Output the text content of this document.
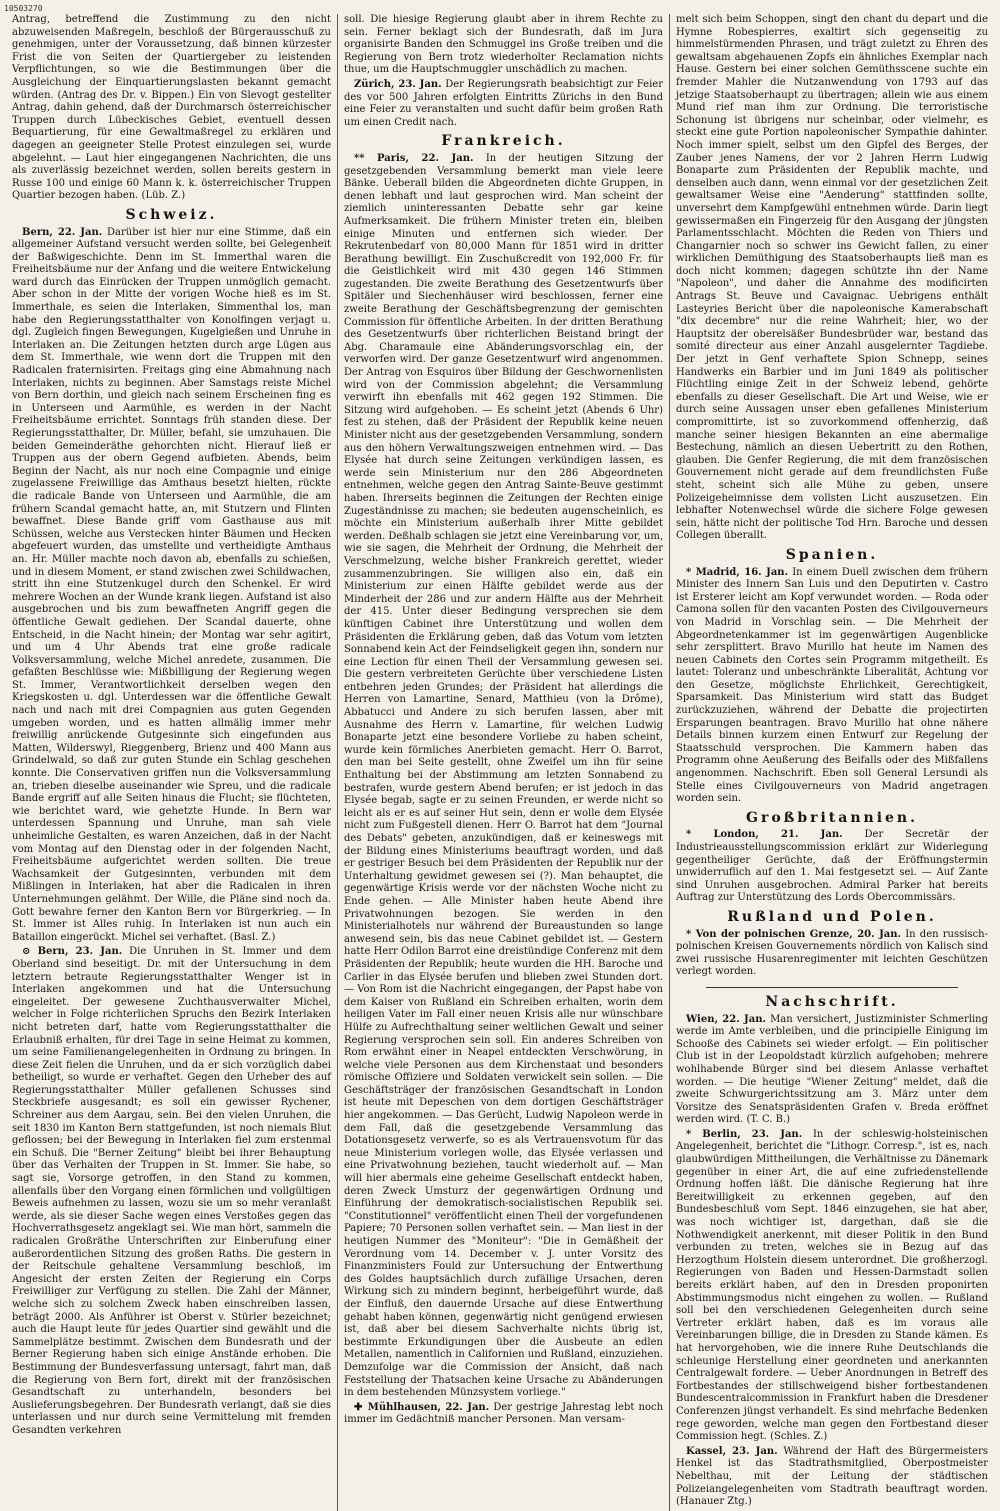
10503270

Antrag, betreffend die Zustimmung zu den nicht abzuweisenden Maßregeln, beschloß der Bürgerausschuß zu genehmigen, unter der Voraussetzung, daß binnen kürzester Frist die von Seiten der Quartiergeber zu leistenden Verpflichtungen, so wie die Bestimmungen über die Ausgleichung der Einquartierungslasten bekannt gemacht würden. (Antrag des Dr. v. Bippen.) Ein von Slevogt gestellter Antrag, dahin gehend, daß der Durchmarsch österreichischer Truppen durch Lübeckisches Gebiet, eventuell dessen Bequartierung, für eine Gewaltmaßregel zu erklären und dagegen an geeigneter Stelle Protest einzulegen sei, wurde abgelehnt. — Laut hier eingegangenen Nachrichten, die uns als zuverlässig bezeichnet werden, sollen bereits gestern in Russe 100 und einige 60 Mann k. k. österreichischer Truppen Quartier bezogen haben. (Lüb. Z.)

Schweiz.

Bern, 22. Jan. Darüber ist hier nur eine Stimme, daß ein allgemeiner Aufstand versucht werden sollte, bei Gelegenheit der Baßwigeschichte. Denn im St. Immerthal waren die Freiheitsbäume nur der Anfang und die weitere Entwickelung ward durch das Einrücken der Truppen unmöglich gemacht. Aber schon in der Mitte der vorigen Woche hieß es im St. Immerthale, es seien die Interlaken, Simmenthal los, man habe den Regierungsstatthalter von Konolfingen verjagt u. dgl. Zugleich fingen Bewegungen, Kugelgießen und Unruhe in Interlaken an. Die Zeitungen hetzten durch arge Lügen aus dem St. Immerthale, wie wenn dort die Truppen mit den Radicalen fraternisirten. Freitags ging eine Abmahnung nach Interlaken, nichts zu beginnen. Aber Samstags reiste Michel von Bern dorthin, und gleich nach seinem Erscheinen fing es in Unterseen und Aarmühle, es werden in der Nacht Freiheitsbäume errichtet. Sonntags früh standen diese. Der Regierungsstatthalter, Dr. Müller, befahl, sie umzuhauen. Die beiden Gemeinderäthe gehorchten nicht. Hierauf ließ er Truppen aus der obern Gegend aufbieten. Abends, beim Beginn der Nacht, als nur noch eine Compagnie und einige zugelassene Freiwillige das Amthaus besetzt hielten, rückte die radicale Bande von Unterseen und Aarmühle, die am frühern Scandal gemacht hatte, an, mit Stutzern und Flinten bewaffnet. Diese Bande griff vom Gasthause aus mit Schüssen, welche aus Verstecken hinter Bäumen und Hecken abgefeuert wurden, das umstellte und vertheidigte Amthaus an. Hr. Müller machte noch davon ab, ebenfalls zu schießen, und in diesem Moment, er stand zwischen zwei Schildwachen, stritt ihn eine Stutzenkugel durch den Schenkel. Er wird mehrere Wochen an der Wunde krank liegen. Aufstand ist also ausgebrochen und bis zum bewaffneten Angriff gegen die öffentliche Gewalt gediehen. Der Scandal dauerte, ohne Entscheid, in die Nacht hinein; der Montag war sehr agitirt, und um 4 Uhr Abends trat eine große radicale Volksversammlung, welche Michel anredete, zusammen. Die gefaßten Beschlüsse wie: Mißbilligung der Regierung wegen St. Immer, Verantwortlichkeit derselben wegen den Kriegskosten u. dgl. Unterdessen war die öffentliche Gewalt nach und nach mit drei Compagnien aus guten Gegenden umgeben worden, und es hatten allmälig immer mehr freiwillig anrückende Gutgesinnte sich eingefunden aus Matten, Wilderswyl, Rieggenberg, Brienz und 400 Mann aus Grindelwald, so daß zur guten Stunde ein Schlag geschehen konnte. Die Conservativen griffen nun die Volksversammlung an, trieben dieselbe auseinander wie Spreu, und die radicale Bande ergriff auf alle Seiten hinaus die Flucht; sie flüchteten, wie berichtet ward, wie gehetzte Hunde. In Bern war unterdessen Spannung und Unruhe, man sah viele unheimliche Gestalten, es waren Anzeichen, daß in der Nacht vom Montag auf den Dienstag oder in der folgenden Nacht, Freiheitsbäume aufgerichtet werden sollten. Die treue Wachsamkeit der Gutgesinnten, verbunden mit dem Mißlingen in Interlaken, hat aber die Radicalen in ihren Unternehmungen gelähmt. Der Wille, die Pläne sind noch da. Gott bewahre ferner den Kanton Bern vor Bürgerkrieg. — In St. Immer ist Alles ruhig. In Interlaken ist nun auch ein Bataillon eingerückt. Michel sei verhaftet. (Basl. Z.)

⊙ Bern, 23. Jan. Die Unruhen in St. Immer und dem Oberland sind beseitigt. Dr. mit der Untersuchung in dem letztern betraute Regierungsstatthalter Wenger ist in Interlaken angekommen und hat die Untersuchung eingeleitet. Der gewesene Zuchthausverwalter Michel, welcher in Folge richterlichen Spruchs den Bezirk Interlaken nicht betreten darf, hatte vom Regierungsstatthalter die Erlaubniß erhalten, für drei Tage in seine Heimat zu kommen, um seine Familienangelegenheiten in Ordnung zu bringen. In diese Zeit fielen die Unruhen, und da er sich vorzüglich dabei betheiligt, so wurde er verhaftet. Gegen den Urheber des auf Regierungsstatthalter Müller gefallenen Schusses sind Steckbriefe ausgesandt; es soll ein gewisser Rychener, Schreiner aus dem Aargau, sein. Bei den vielen Unruhen, die seit 1830 im Kanton Bern stattgefunden, ist noch niemals Blut geflossen; bei der Bewegung in Interlaken fiel zum erstenmal ein Schuß. Die "Berner Zeitung" bleibt bei ihrer Behauptung über das Verhalten der Truppen in St. Immer. Sie habe, so sagt sie, Vorsorge getroffen, in den Stand zu kommen, allenfalls über den Vorgang einen förmlichen und vollgültigen Beweis aufnehmen zu lassen, wozu sie um so mehr veranlaßt werde, als sie dieser Sache wegen eines Verstoßes gegen das Hochverrathsgesetz angeklagt sei. Wie man hört, sammeln die radicalen Großräthe Unterschriften zur Einberufung einer außerordentlichen Sitzung des großen Raths. Die gestern in der Reitschule gehaltene Versammlung beschloß, im Angesicht der ersten Zeiten der Regierung ein Corps Freiwilliger zur Verfügung zu stellen. Die Zahl der Männer, welche sich zu solchem Zweck haben einschreiben lassen, beträgt 2000. Als Anführer ist Oberst v. Stürler bezeichnet; auch die Haupt leute für jedes Quartier sind gewählt und die Sammelplätze bestimmt. Zwischen dem Bundesrath und der Berner Regierung haben sich einige Anstände erhoben. Die Bestimmung der Bundesverfassung untersagt, fahrt man, daß die Regierung von Bern fort, direkt mit der französischen Gesandtschaft zu unterhandeln, besonders bei Auslieferungsbegehren. Der Bundesrath verlangt, daß sie dies unterlassen und nur durch seine Vermittelung mit fremden Gesandten verkehren

soll. Die hiesige Regierung glaubt aber in ihrem Rechte zu sein. Ferner beklagt sich der Bundesrath, daß im Jura organisirte Banden den Schmuggel ins Große treiben und die Regierung von Bern trotz wiederholter Reclamation nichts thue, um die Hauptschmuggler unschädlich zu machen.

Zürich, 23. Jan. Der Regierungsrath beabsichtigt zur Feier des vor 500 Jahren erfolgten Eintritts Zürichs in den Bund eine Feier zu veranstalten und sucht dafür beim großen Rath um einen Credit nach.

Frankreich.

** Paris, 22. Jan. In der heutigen Sitzung der gesetzgebenden Versammlung bemerkt man viele leere Bänke. Ueberall bilden die Abgeordneten dichte Gruppen, in denen lebhaft und laut gesprochen wird. Man scheint der ziemlich uninteressanten Debatte sehr gar keine Aufmerksamkeit. Die frühern Minister treten ein, bleiben einige Minuten und entfernen sich wieder. Der Rekrutenbedarf von 80,000 Mann für 1851 wird in dritter Berathung bewilligt. Ein Zuschußcredit von 192,000 Fr. für die Geistlichkeit wird mit 430 gegen 146 Stimmen zugestanden. Die zweite Berathung des Gesetzentwurfs über Spitäler und Siechenhäuser wird beschlossen, ferner eine zweite Berathung der Geschäftsbegrenzung der gemischten Commission für öffentliche Arbeiten. In der dritten Berathung des Gesetzentwurfs über richterlichen Beistand bringt der Abg. Charamaule eine Abänderungsvorschlag ein, der verworfen wird. Der ganze Gesetzentwurf wird angenommen. Der Antrag von Esquiros über Bildung der Geschwornenlisten wird von der Commission abgelehnt; die Versammlung verwirft ihn ebenfalls mit 462 gegen 192 Stimmen. Die Sitzung wird aufgehoben. — Es scheint jetzt (Abends 6 Uhr) fest zu stehen, daß der Präsident der Republik keine neuen Minister nicht aus der gesetzgebenden Versammlung, sondern aus den höhern Verwaltungszweigen entnehmen wird. — Das Elysée hat durch seine Zeitungen verkündigen lassen, es werde sein Ministerium nur den 286 Abgeordneten entnehmen, welche gegen den Antrag Sainte-Beuve gestimmt haben. Ihrerseits beginnen die Zeitungen der Rechten einige Zugeständnisse zu machen; sie bedeuten augenscheinlich, es möchte ein Ministerium außerhalb ihrer Mitte gebildet werden. Deßhalb schlagen sie jetzt eine Vereinbarung vor, um, wie sie sagen, die Mehrheit der Ordnung, die Mehrheit der Verschmelzung, welche bisher Frankreich gerettet, wieder zusammenzubringen. Sie willigen also ein, daß ein Ministerium zur einen Hälfte gebildet werde aus der Minderheit der 286 und zur andern Hälfte aus der Mehrheit der 415. Unter dieser Bedingung versprechen sie dem künftigen Cabinet ihre Unterstützung und wollen dem Präsidenten die Erklärung geben, daß das Votum vom letzten Sonnabend kein Act der Feindseligkeit gegen ihn, sondern nur eine Lection für einen Theil der Versammlung gewesen sei. Die gestern verbreiteten Gerüchte über verschiedene Listen entbehren jeden Grundes; der Präsident hat allerdings die Herren von Lamartine, Senard, Matthieu (von la Drôme), Abbatucci und Andere zu sich berufen lassen, aber mit Ausnahme des Herrn v. Lamartine, für welchen Ludwig Bonaparte jetzt eine besondere Vorliebe zu haben scheint, wurde kein förmliches Anerbieten gemacht. Herr O. Barrot, den man bei Seite gestellt, ohne Zweifel um ihn für seine Enthaltung bei der Abstimmung am letzten Sonnabend zu bestrafen, wurde gestern Abend berufen; er ist jedoch in das Elysée begab, sagte er zu seinen Freunden, er werde nicht so leicht als er es auf seiner Hut sein, denn er wolle dem Elysée nicht zum Fußgestell dienen. Herr O. Barrot hat dem "Journal des Debats" gebeten, anzukündigen, daß er keineswegs mit der Bildung eines Ministeriums beauftragt worden, und daß er gestriger Besuch bei dem Präsidenten der Republik nur der Unterhaltung gewidmet gewesen sei (?). Man behauptet, die gegenwärtige Krisis werde vor der nächsten Woche nicht zu Ende gehen. — Alle Minister haben heute Abend ihre Privatwohnungen bezogen. Sie werden in den Ministerialhotels nur während der Bureaustunden so lange anwesend sein, bis das neue Cabinet gebildet ist. — Gestern hatte Herr Odilon Barrot eine dreistündige Conferenz mit dem Präsidenten der Republik; heute wurden die HH. Baroche und Carlier in das Elysée berufen und blieben zwei Stunden dort. — Von Rom ist die Nachricht eingegangen, der Papst habe von dem Kaiser von Rußland ein Schreiben erhalten, worin dem heiligen Vater im Fall einer neuen Krisis alle nur wünschbare Hülfe zu Aufrechthaltung seiner weltlichen Gewalt und seiner Regierung versprochen sein soll. Ein anderes Schreiben von Rom erwähnt einer in Neapel entdeckten Verschwörung, in welche viele Personen aus dem Kirchenstaat und besonders römische Offiziere und Soldaten verwickelt sein sollen. — Die Geschäftsträger der französischen Gesandtschaft in London ist heute mit Depeschen von dem dortigen Geschäftsträger hier angekommen. — Das Gerücht, Ludwig Napoleon werde in dem Fall, daß die gesetzgebende Versammlung das Dotationsgesetz verwerfe, so es als Vertrauensvotum für das neue Ministerium vorlegen wolle, das Elysée verlassen und eine Privatwohnung beziehen, taucht wiederholt auf. — Man will hier abermals eine geheime Gesellschaft entdeckt haben, deren Zweck Umsturz der gegenwärtigen Ordnung und Einführung der demokratisch-socialistischen Republik sei. "Constitutionnel" veröffentlicht einen Theil der vorgefundenen Papiere; 70 Personen sollen verhaftet sein. — Man liest in der heutigen Nummer des "Moniteur": "Die in Gemäßheit der Verordnung vom 14. December v. J. unter Vorsitz des Finanzministers Fould zur Untersuchung der Entwerthung des Goldes hauptsächlich durch zufällige Ursachen, deren Wirkung sich zu mindern beginnt, herbeigeführt wurde, daß der Einfluß, den dauernde Ursache auf diese Entwerthung gehabt haben können, gegenwärtig nicht genügend erwiesen ist, daß aber bei diesem Sachverhalte nichts übrig ist, bestimmte Erkundigungen über die Ausbeute an edlen Metallen, namentlich in Californien und Rußland, einzuziehen. Demzufolge war die Commission der Ansicht, daß nach Feststellung der Thatsachen keine Ursache zu Abänderungen in dem bestehenden Münzsystem vorliege."

✚ Mühlhausen, 22. Jan. Der gestrige Jahrestag lebt noch immer im Gedächtniß mancher Personen. Man versam-

melt sich beim Schoppen, singt den chant du depart und die Hymne Robespierres, exaltirt sich gegenseitig zu himmelstürmenden Phrasen, und trägt zuletzt zu Ehren des gewaltsam abgehauenen Zopfs ein ähnliches Exemplar nach Hause. Gestern bei einer solchen Gemüthsscene suchte ein fremder Mahler die Nutzanwendung von 1793 auf das jetzige Staatsoberhaupt zu übertragen; allein wie aus einem Mund rief man ihm zur Ordnung. Die terroristische Schonung ist übrigens nur scheinbar, oder vielmehr, es steckt eine gute Portion napoleonischer Sympathie dahinter. Noch immer spielt, selbst um den Gipfel des Berges, der Zauber jenes Namens, der vor 2 Jahren Herrn Ludwig Bonaparte zum Präsidenten der Republik machte, und denselben auch dann, wenn einmal vor der gesetzlichen Zeit gewaltsamer Weise eine "Aenderung" stattfinden sollte, unversehrt dem Kampfgewühl entnehmen würde. Darin liegt gewissermaßen ein Fingerzeig für den Ausgang der jüngsten Parlamentsschlacht. Möchten die Reden von Thiers und Changarnier noch so schwer ins Gewicht fallen, zu einer wirklichen Demüthigung des Staatsoberhaupts ließ man es doch nicht kommen; dagegen schützte ihn der Name "Napoleon", und daher die Annahme des modificirten Antrags St. Beuve und Cavaignac. Uebrigens enthält Lasteyries Bericht über die napoleonische Kamerabschaft "dix decembre" nur die reine Wahrheit; hier, wo der Hauptsitz der oberelsäßer Bundesbrüder war, bestand das somité directeur aus einer Anzahl ausgelernter Tagdiebe. Der jetzt in Genf verhaftete Spion Schnepp, seines Handwerks ein Barbier und im Juni 1849 als politischer Flüchtling einige Zeit in der Schweiz lebend, gehörte ebenfalls zu dieser Gesellschaft. Die Art und Weise, wie er durch seine Aussagen unser eben gefallenes Ministerium compromittirte, ist so zuvorkommend offenherzig, daß manche seiner hiesigen Bekannten an eine abermalige Bestechung, nämlich an diesen Uebertritt zu den Rothen, glauben. Die Genfer Regierung, die mit dem französischen Gouvernement nicht gerade auf dem freundlichsten Fuße steht, scheint sich alle Mühe zu geben, unsere Polizeigeheimnisse dem vollsten Licht auszusetzen. Ein lebhafter Notenwechsel würde die sichere Folge gewesen sein, hätte nicht der politische Tod Hrn. Baroche und dessen Collegen überallt.

Spanien.

* Madrid, 16. Jan. In einem Duell zwischen dem frühern Minister des Innern San Luis und den Deputirten v. Castro ist Ersterer leicht am Kopf verwundet worden. — Roda oder Camona sollen für den vacanten Posten des Civilgouverneurs von Madrid in Vorschlag sein. — Die Mehrheit der Abgeordnetenkammer ist im gegenwärtigen Augenblicke sehr zersplittert. Bravo Murillo hat heute im Namen des neuen Cabinets den Cortes sein Programm mitgetheilt. Es lautet: Toleranz und unbeschränkte Liberalität, Achtung vor den Gesetze, möglichste Ehrlichkeit, Gerechtigkeit, Sparsamkeit. Das Ministerium wird statt das Budget zurückzuziehen, während der Debatte die projectirten Ersparungen beantragen. Bravo Murillo hat ohne nähere Details binnen kurzem einen Entwurf zur Regelung der Staatsschuld versprochen. Die Kammern haben das Programm ohne Aeußerung des Beifalls oder des Mißfallens angenommen. Nachschrift. Eben soll General Lersundi als Stelle eines Civilgouverneurs von Madrid angetragen worden sein.

Großbritannien.

* London, 21. Jan. Der Secretär der Industrieausstellungscommission erklärt zur Widerlegung gegentheiliger Gerüchte, daß der Eröffnungstermin unwiderruflich auf den 1. Mai festgesetzt sei. — Auf Zante sind Unruhen ausgebrochen. Admiral Parker hat bereits Auftrag zur Unterstützung des Lords Obercommissärs.

Rußland und Polen.

* Von der polnischen Grenze, 20. Jan. In den russisch-polnischen Kreisen Gouvernements nördlich von Kalisch sind zwei russische Husarenregimenter mit leichten Geschützen verlegt worden.

Nachschrift.

Wien, 22. Jan. Man versichert, Justizminister Schmerling werde im Amte verbleiben, und die principielle Einigung im Schooße des Cabinets sei wieder erfolgt. — Ein politischer Club ist in der Leopoldstadt kürzlich aufgehoben; mehrere wohlhabende Bürger sind bei diesem Anlasse verhaftet worden. — Die heutige "Wiener Zeitung" meldet, daß die zweite Schwurgerichtssitzung am 3. März unter dem Vorsitze des Senatspräsidenten Grafen v. Breda eröffnet werden wird. (T. C. B.)

* Berlin, 23. Jan. In der schleswig-holsteinischen Angelegenheit, berichtet die "Lithogr. Corresp.", ist es, nach glaubwürdigen Mittheilungen, die Verhältnisse zu Dänemark gegenüber in einer Art, die auf eine zufriedenstellende Ordnung hoffen läßt. Die dänische Regierung hat ihre Bereitwilligkeit zu erkennen gegeben, auf den Bundesbeschluß vom Sept. 1846 einzugehen, sie hat aber, was noch wichtiger ist, dargethan, daß sie die Nothwendigkeit anerkennt, mit dieser Politik in den Bund verbunden zu treten, welches sie in Bezug auf das Herzogthum Holstein diesem unterordnet. Die großherzogl. Regierungen von Baden und Hessen-Darmstadt sollen bereits erklärt haben, auf den in Dresden proponirten Abstimmungsmodus nicht eingehen zu wollen. — Rußland soll bei den verschiedenen Gelegenheiten durch seine Vertreter erklärt haben, daß es im voraus alle Vereinbarungen billige, die in Dresden zu Stande kämen. Es hat hervorgehoben, wie die innere Ruhe Deutschlands die schleunige Herstellung einer geordneten und anerkannten Centralgewalt fordere. — Ueber Anordnungen in Betreff des Fortbestandes der stillschweigend bisher fortbestandenen Bundescentralcommission in Frankfurt haben die Dresdener Conferenzen jüngst verhandelt. Es sind mehrfache Bedenken rege geworden, welche man gegen den Fortbestand dieser Commission hegt. (Schles. Z.)

Kassel, 23. Jan. Während der Haft des Bürgermeisters Henkel ist das Stadtrathsmitglied, Oberpostmeister Nebelthau, mit der Leitung der städtischen Polizeiangelegenheiten vom Stadtrath beauftragt worden. (Hanauer Ztg.)
